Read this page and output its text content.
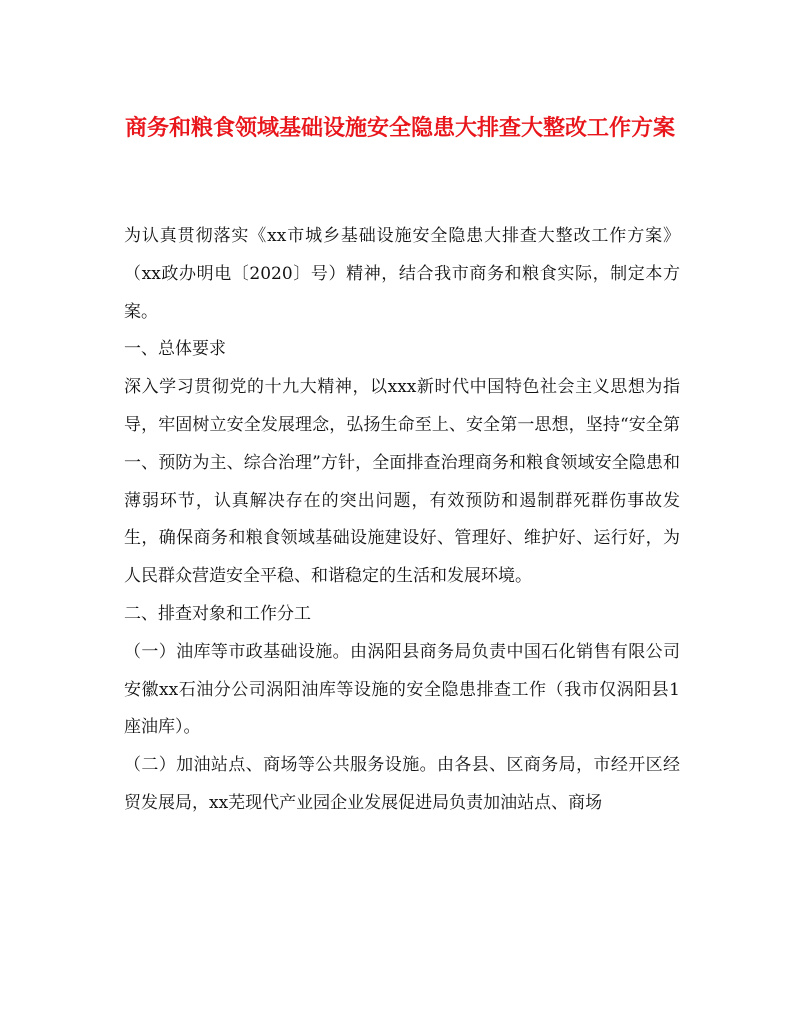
商务和粮食领域基础设施安全隐患大排查大整改工作方案

为认真贯彻落实《xx市城乡基础设施安全隐患大排查大整改工作方案》（xx政办明电〔2020〕号）精神，结合我市商务和粮食实际，制定本方案。

一、总体要求

深入学习贯彻党的十九大精神，以xxx新时代中国特色社会主义思想为指导，牢固树立安全发展理念，弘扬生命至上、安全第一思想，坚持“安全第一、预防为主、综合治理”方针，全面排查治理商务和粮食领域安全隐患和薄弱环节，认真解决存在的突出问题，有效预防和遏制群死群伤事故发生，确保商务和粮食领域基础设施建设好、管理好、维护好、运行好，为人民群众营造安全平稳、和谐稳定的生活和发展环境。

二、排查对象和工作分工

（一）油库等市政基础设施。由涡阳县商务局负责中国石化销售有限公司安徽xx石油分公司涡阳油库等设施的安全隐患排查工作（我市仅涡阳县1座油库）。

（二）加油站点、商场等公共服务设施。由各县、区商务局，市经开区经贸发展局，xx芜现代产业园企业发展促进局负责加油站点、商场
